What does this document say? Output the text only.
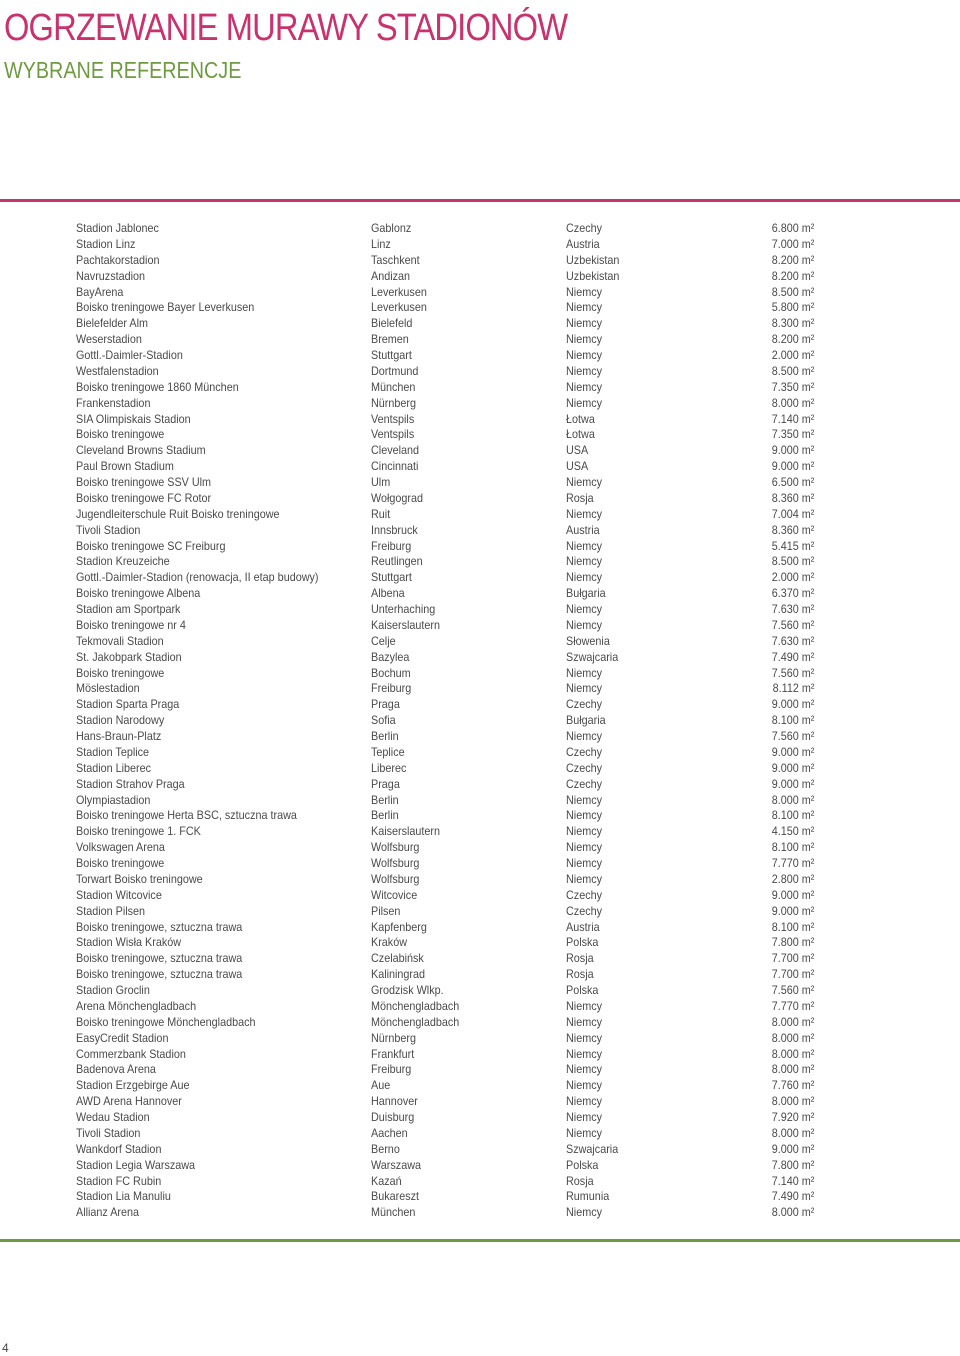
OGRZEWANIE MURAWY STADIONÓW
WYBRANE REFERENCJE
Stadion Jablonec	Gablonz	Czechy	6.800 m²
Stadion Linz	Linz	Austria	7.000 m²
Pachtakorstadion	Taschkent	Uzbekistan	8.200 m²
Navruzstadion	Andizan	Uzbekistan	8.200 m²
BayArena	Leverkusen	Niemcy	8.500 m²
Boisko treningowe Bayer Leverkusen	Leverkusen	Niemcy	5.800 m²
Bielefelder Alm	Bielefeld	Niemcy	8.300 m²
Weserstadion	Bremen	Niemcy	8.200 m²
Gottl.-Daimler-Stadion	Stuttgart	Niemcy	2.000 m²
Westfalenstadion	Dortmund	Niemcy	8.500 m²
Boisko treningowe 1860 München	München	Niemcy	7.350 m²
Frankenstadion	Nürnberg	Niemcy	8.000 m²
SIA Olimpiskais Stadion	Ventspils	Łotwa	7.140 m²
Boisko treningowe	Ventspils	Łotwa	7.350 m²
Cleveland Browns Stadium	Cleveland	USA	9.000 m²
Paul Brown Stadium	Cincinnati	USA	9.000 m²
Boisko treningowe SSV Ulm	Ulm	Niemcy	6.500 m²
Boisko treningowe FC Rotor	Wołgograd	Rosja	8.360 m²
Jugendleiterschule Ruit Boisko treningowe	Ruit	Niemcy	7.004 m²
Tivoli Stadion	Innsbruck	Austria	8.360 m²
Boisko treningowe SC Freiburg	Freiburg	Niemcy	5.415 m²
Stadion Kreuzeiche	Reutlingen	Niemcy	8.500 m²
Gottl.-Daimler-Stadion (renowacja, II etap budowy)	Stuttgart	Niemcy	2.000 m²
Boisko treningowe Albena	Albena	Bułgaria	6.370 m²
Stadion am Sportpark	Unterhaching	Niemcy	7.630 m²
Boisko treningowe nr 4	Kaiserslautern	Niemcy	7.560 m²
Tekmovali Stadion	Celje	Słowenia	7.630 m²
St. Jakobpark Stadion	Bazylea	Szwajcaria	7.490 m²
Boisko treningowe	Bochum	Niemcy	7.560 m²
Möslestadion	Freiburg	Niemcy	8.112 m²
Stadion Sparta Praga	Praga	Czechy	9.000 m²
Stadion Narodowy	Sofia	Bułgaria	8.100 m²
Hans-Braun-Platz	Berlin	Niemcy	7.560 m²
Stadion Teplice	Teplice	Czechy	9.000 m²
Stadion Liberec	Liberec	Czechy	9.000 m²
Stadion Strahov Praga	Praga	Czechy	9.000 m²
Olympiastadion	Berlin	Niemcy	8.000 m²
Boisko treningowe Herta BSC, sztuczna trawa	Berlin	Niemcy	8.100 m²
Boisko treningowe 1. FCK	Kaiserslautern	Niemcy	4.150 m²
Volkswagen Arena	Wolfsburg	Niemcy	8.100 m²
Boisko treningowe	Wolfsburg	Niemcy	7.770 m²
Torwart Boisko treningowe	Wolfsburg	Niemcy	2.800 m²
Stadion Witcovice	Witcovice	Czechy	9.000 m²
Stadion Pilsen	Pilsen	Czechy	9.000 m²
Boisko treningowe, sztuczna trawa	Kapfenberg	Austria	8.100 m²
Stadion Wisła Kraków	Kraków	Polska	7.800 m²
Boisko treningowe, sztuczna trawa	Czelabińsk	Rosja	7.700 m²
Boisko treningowe, sztuczna trawa	Kaliningrad	Rosja	7.700 m²
Stadion Groclin	Grodzisk Wlkp.	Polska	7.560 m²
Arena Mönchengladbach	Mönchengladbach	Niemcy	7.770 m²
Boisko treningowe Mönchengladbach	Mönchengladbach	Niemcy	8.000 m²
EasyCredit Stadion	Nürnberg	Niemcy	8.000 m²
Commerzbank Stadion	Frankfurt	Niemcy	8.000 m²
Badenova Arena	Freiburg	Niemcy	8.000 m²
Stadion Erzgebirge Aue	Aue	Niemcy	7.760 m²
AWD Arena Hannover	Hannover	Niemcy	8.000 m²
Wedau Stadion	Duisburg	Niemcy	7.920 m²
Tivoli Stadion	Aachen	Niemcy	8.000 m²
Wankdorf Stadion	Berno	Szwajcaria	9.000 m²
Stadion Legia Warszawa	Warszawa	Polska	7.800 m²
Stadion FC Rubin	Kazań	Rosja	7.140 m²
Stadion Lia Manuliu	Bukareszt	Rumunia	7.490 m²
Allianz Arena	München	Niemcy	8.000 m²
4
